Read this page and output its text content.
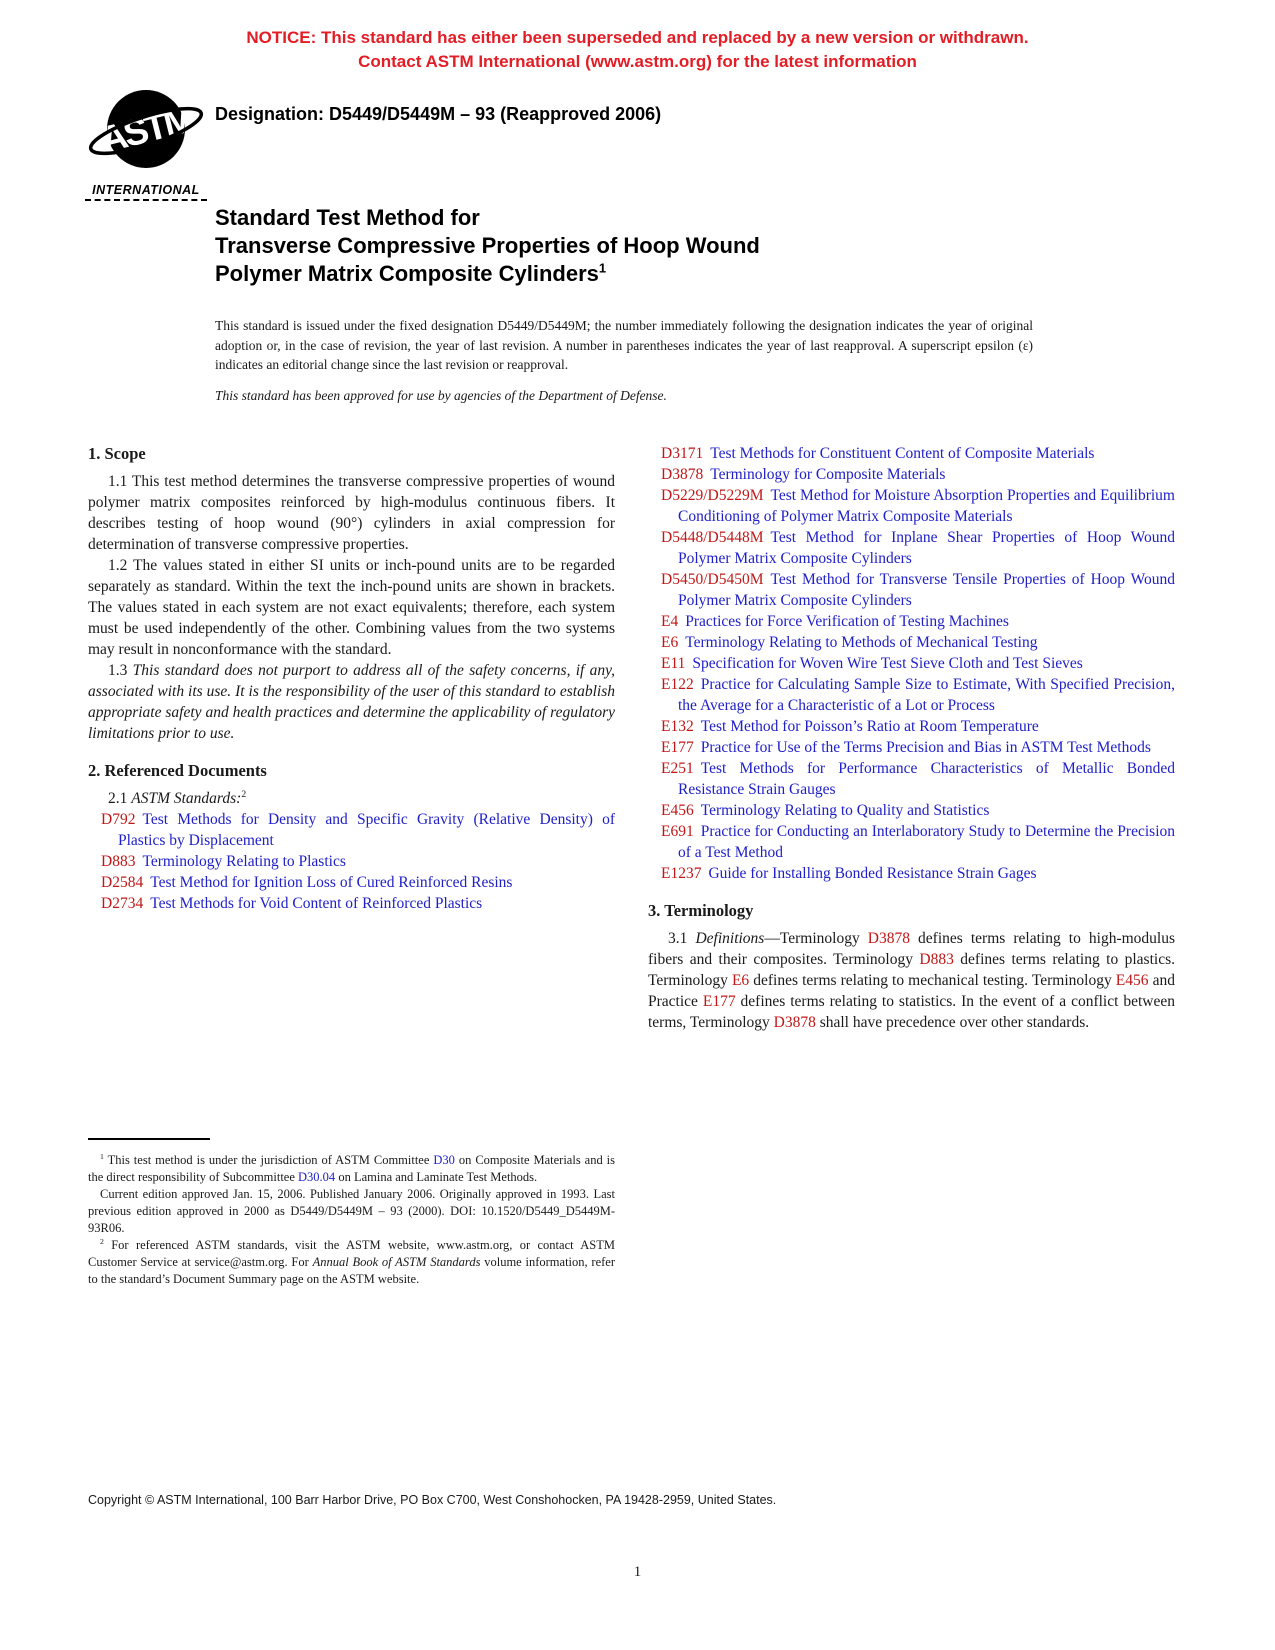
NOTICE: This standard has either been superseded and replaced by a new version or withdrawn.
Contact ASTM International (www.astm.org) for the latest information
ASTM
INTERNATIONAL
Designation: D5449/D5449M – 93 (Reapproved 2006)
Standard Test Method for
Transverse Compressive Properties of Hoop Wound
Polymer Matrix Composite Cylinders$^1$
This standard is issued under the fixed designation D5449/D5449M; the number immediately following the designation indicates the year of original adoption or, in the case of revision, the year of last revision. A number in parentheses indicates the year of last reapproval. A superscript epsilon (ε) indicates an editorial change since the last revision or reapproval.
This standard has been approved for use by agencies of the Department of Defense.
1. Scope

1.1 This test method determines the transverse compressive properties of wound polymer matrix composites reinforced by high-modulus continuous fibers. It describes testing of hoop wound (90°) cylinders in axial compression for determination of transverse compressive properties.

1.2 The values stated in either SI units or inch-pound units are to be regarded separately as standard. Within the text the inch-pound units are shown in brackets. The values stated in each system are not exact equivalents; therefore, each system must be used independently of the other. Combining values from the two systems may result in nonconformance with the standard.

1.3 This standard does not purport to address all of the safety concerns, if any, associated with its use. It is the responsibility of the user of this standard to establish appropriate safety and health practices and determine the applicability of regulatory limitations prior to use.

2. Referenced Documents

2.1 ASTM Standards:$^2$

D792 Test Methods for Density and Specific Gravity (Relative Density) of Plastics by Displacement
D883 Terminology Relating to Plastics
D2584 Test Method for Ignition Loss of Cured Reinforced Resins
D2734 Test Methods for Void Content of Reinforced Plastics
D3171 Test Methods for Constituent Content of Composite Materials
D3878 Terminology for Composite Materials
D5229/D5229M Test Method for Moisture Absorption Properties and Equilibrium Conditioning of Polymer Matrix Composite Materials
D5448/D5448M Test Method for Inplane Shear Properties of Hoop Wound Polymer Matrix Composite Cylinders
D5450/D5450M Test Method for Transverse Tensile Properties of Hoop Wound Polymer Matrix Composite Cylinders
E4 Practices for Force Verification of Testing Machines
E6 Terminology Relating to Methods of Mechanical Testing
E11 Specification for Woven Wire Test Sieve Cloth and Test Sieves
E122 Practice for Calculating Sample Size to Estimate, With Specified Precision, the Average for a Characteristic of a Lot or Process
E132 Test Method for Poisson’s Ratio at Room Temperature
E177 Practice for Use of the Terms Precision and Bias in ASTM Test Methods
E251 Test Methods for Performance Characteristics of Metallic Bonded Resistance Strain Gauges
E456 Terminology Relating to Quality and Statistics
E691 Practice for Conducting an Interlaboratory Study to Determine the Precision of a Test Method
E1237 Guide for Installing Bonded Resistance Strain Gages
3. Terminology

3.1 Definitions—Terminology D3878 defines terms relating to high-modulus fibers and their composites. Terminology D883 defines terms relating to plastics. Terminology E6 defines terms relating to mechanical testing. Terminology E456 and Practice E177 defines terms relating to statistics. In the event of a conflict between terms, Terminology D3878 shall have precedence over other standards.

$^1$ This test method is under the jurisdiction of ASTM Committee D30 on Composite Materials and is the direct responsibility of Subcommittee D30.04 on Lamina and Laminate Test Methods.

Current edition approved Jan. 15, 2006. Published January 2006. Originally approved in 1993. Last previous edition approved in 2000 as D5449/D5449M – 93 (2000). DOI: 10.1520/D5449_D5449M-93R06.

$^2$ For referenced ASTM standards, visit the ASTM website, www.astm.org, or contact ASTM Customer Service at service@astm.org. For Annual Book of ASTM Standards volume information, refer to the standard’s Document Summary page on the ASTM website.

Copyright © ASTM International, 100 Barr Harbor Drive, PO Box C700, West Conshohocken, PA 19428-2959, United States.
1
